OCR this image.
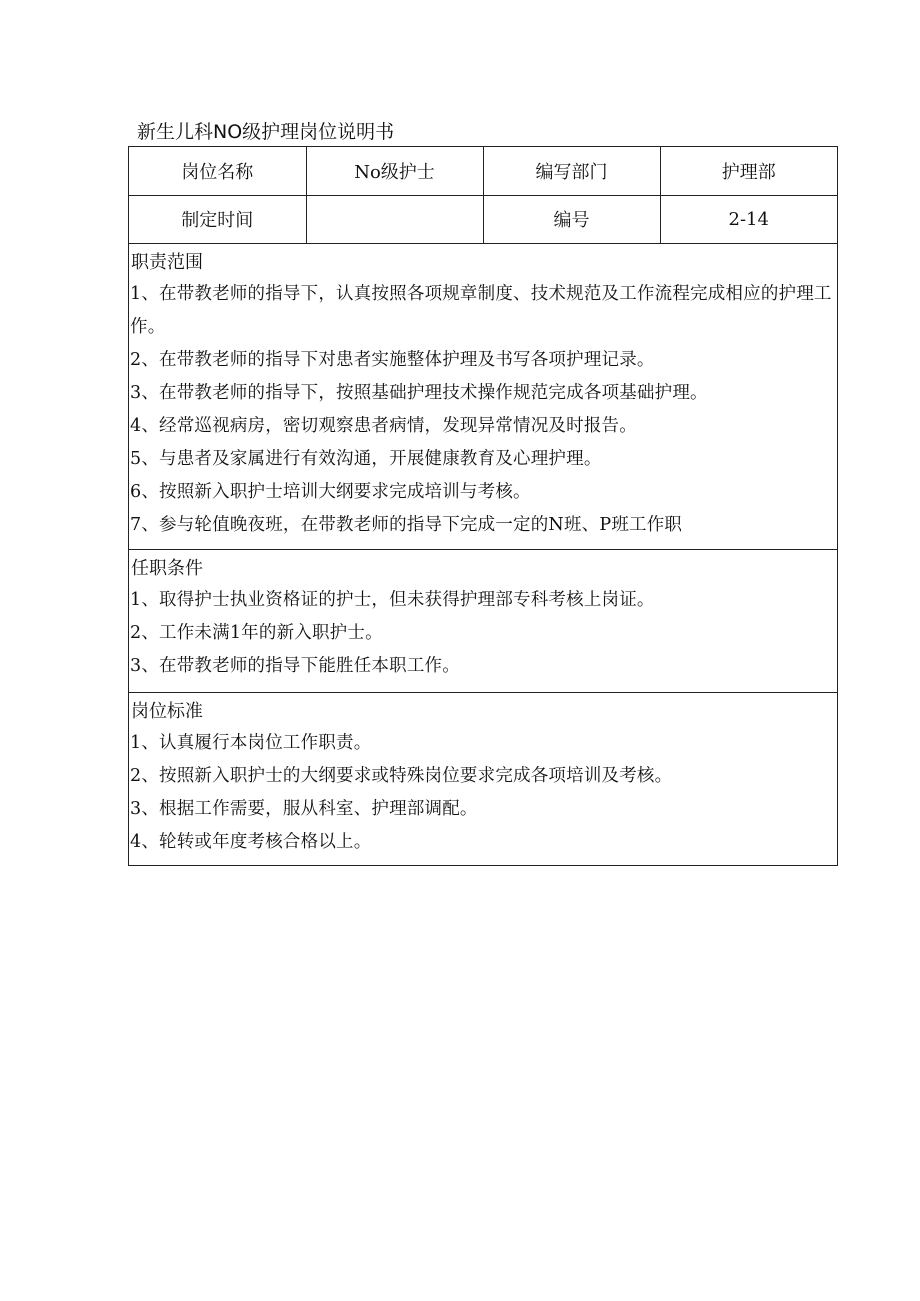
新生儿科NO级护理岗位说明书
岗位名称	No级护士	编写部门	护理部
制定时间		编号	2-14
职责范围
1、在带教老师的指导下，认真按照各项规章制度、技术规范及工作流程完成相应的护理工作。
2、在带教老师的指导下对患者实施整体护理及书写各项护理记录。
3、在带教老师的指导下，按照基础护理技术操作规范完成各项基础护理。
4、经常巡视病房，密切观察患者病情，发现异常情况及时报告。
5、与患者及家属进行有效沟通，开展健康教育及心理护理。
6、按照新入职护士培训大纲要求完成培训与考核。
7、参与轮值晚夜班，在带教老师的指导下完成一定的N班、P班工作职
任职条件
1、取得护士执业资格证的护士，但未获得护理部专科考核上岗证。
2、工作未满1年的新入职护士。
3、在带教老师的指导下能胜任本职工作。
岗位标准
1、认真履行本岗位工作职责。
2、按照新入职护士的大纲要求或特殊岗位要求完成各项培训及考核。
3、根据工作需要，服从科室、护理部调配。
4、轮转或年度考核合格以上。
